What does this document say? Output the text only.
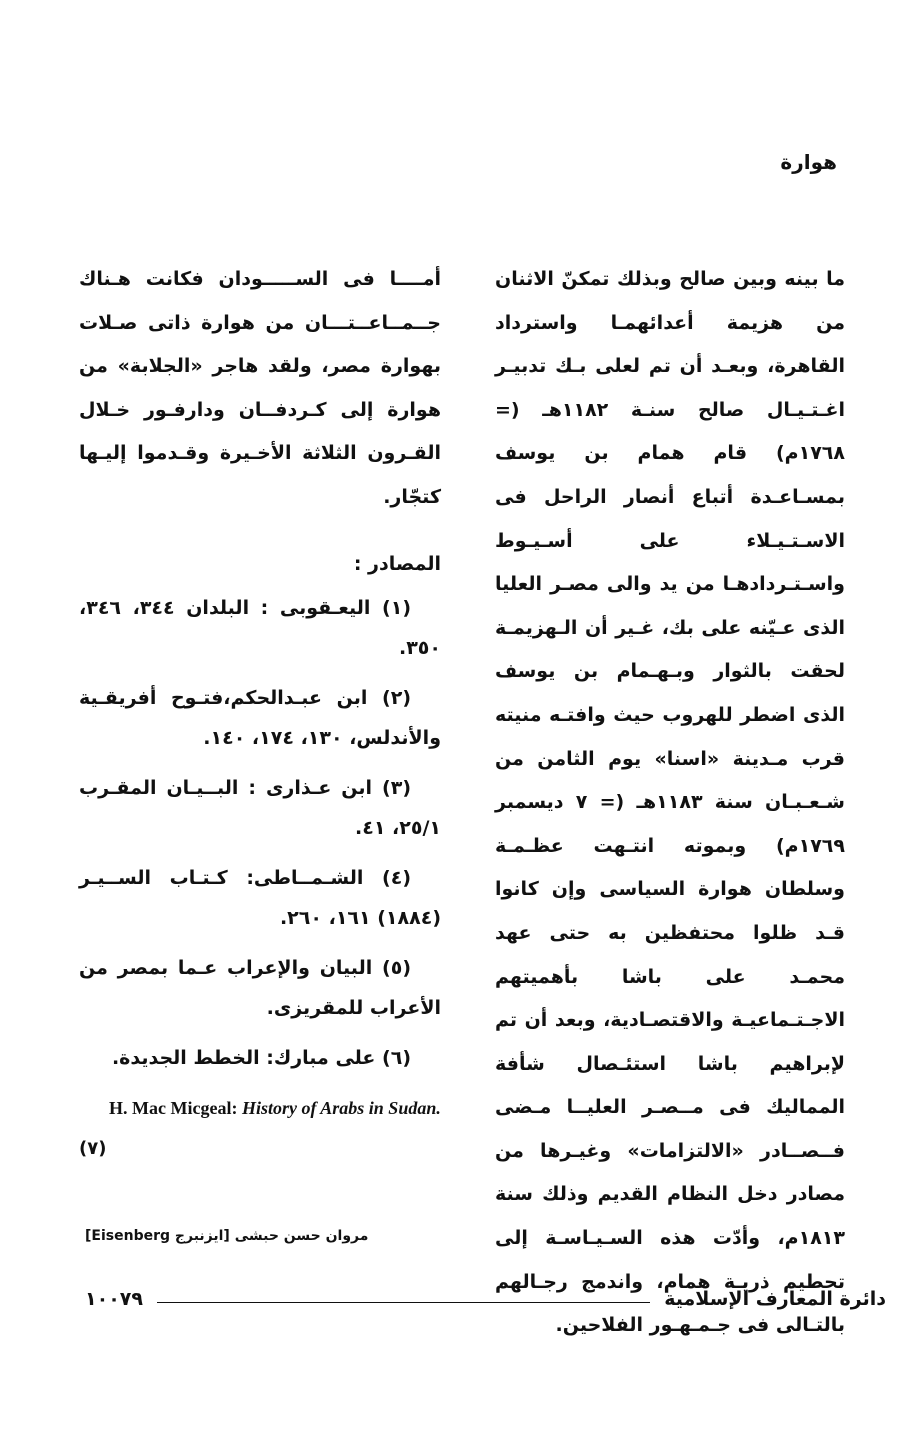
هوارة

ما بينه وبين صالح وبذلك تمكنّ الاثنان من هزيمة أعدائهمـا واسترداد القاهرة، وبعـد أن تم لعلى بـك تدبيـر اغـتـيـال صالح سنـة ١١٨٢هـ (= ١٧٦٨م) قام همام بن يوسف بمسـاعـدة أتباع أنصار الراحل فى الاسـتـيـلاء على أسـيـوط واسـتـردادهـا من يد والى مصـر العليا الذى عـيّنه على بك، غـير أن الـهزيمـة لحقت بالثوار وبـهـمام بن يوسف الذى اضطر للهروب حيث وافتـه منيته قرب مـدينة «اسنا» يوم الثامن من شـعـبـان سنة ١١٨٣هـ (= ٧ ديسمبر ١٧٦٩م) وبموته انتـهت عظـمـة وسلطان هوارة السياسى وإن كانوا قـد ظلوا محتفظين به حتى عهد محمـد على باشا بأهميتهم الاجـتـماعيـة والاقتصـادية، وبعد أن تم لإبراهيم باشا استئـصال شأفة المماليك فى مــصـر العليــا مـضى فــصــادر «الالتزامات» وغيـرها من مصادر دخل النظام القديم وذلك سنة ١٨١٣م، وأدّت هذه السـيـاسـة إلى تحطيم ذريـة همام، واندمج رجـالهم بالتـالى فى جـمـهـور الفلاحين.

أمــــا فى الســـــودان فكانت هـناك جــمــاعــتـــان من هوارة ذاتى صـلات بهوارة مصر، ولقد هاجر «الجلابة» من هوارة إلى كـردفــان ودارفـور خـلال القـرون الثلاثة الأخـيرة وقـدموا إليـها كتجّار.

المصادر :
(١) اليعـقوبى : البلدان ٣٤٤، ٣٤٦، ٣٥٠.
(٢) ابن عبـدالحكم،فتـوح أفريقـية والأندلس، ١٣٠، ١٧٤، ١٤٠.
(٣) ابن عـذارى : البــيـان المقـرب ٢٥/١، ٤١.
(٤) الشـمــاطى: كـتـاب الســيـر (١٨٨٤) ١٦١، ٢٦٠.
(٥) البيان والإعراب عـما بمصر من الأعراب للمقريزى.
(٦) على مبارك: الخطط الجديدة.
H. Mac Micgeal: History of Arabs in Sudan. (٧)
مروان حسن حبشى [ايزنبرج Eisenberg]
دائرة المعارف الإسلامية
١٠٠٧٩
